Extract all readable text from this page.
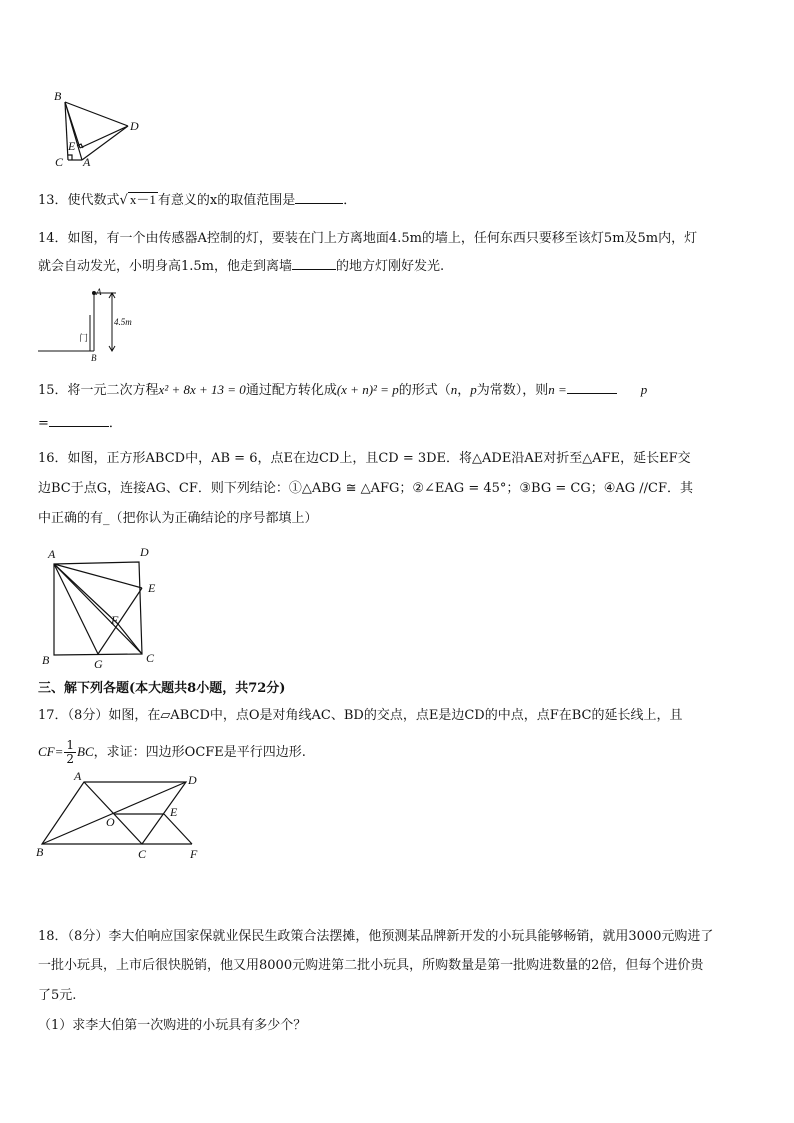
B
D
E
C A
13．使代数式√ x－1 有意义的x的取值范围是	．
14．如图，有一个由传感器A控制的灯，要装在门上方离地面4.5m的墙上，任何东西只要移至该灯5m及5m内，灯
就会自动发光，小明身高1.5m，他走到离墙	的地方灯刚好发光.
A
4.5m
门
B
15．将一元二次方程x² + 8x + 13 = 0通过配方转化成(x + n)² = p的形式（n，p为常数），则n =	p
=	．
16．如图，正方形ABCD中，AB = 6，点E在边CD上，且CD = 3DE．将△ADE沿AE对折至△AFE，延长EF交
边BC于点G，连接AG、CF．则下列结论：①△ABG ≅ △AFG；②∠EAG = 45°；③BG = CG；④AG //CF．其
中正确的有_（把你认为正确结论的序号都填上）
A	D
E
F
B	G	C
三、解下列各题(本大题共8小题，共72分)
17．（8分）如图，在▱ABCD中，点O是对角线AC、BD的交点，点E是边CD的中点，点F在BC的延长线上，且
$CF= \frac{1}{2}$ BC，求证：四边形OCFE是平行四边形.
A	D
O
E
B	C	F
18．（8分）李大伯响应国家保就业保民生政策合法摆摊，他预测某品牌新开发的小玩具能够畅销，就用3000元购进了
一批小玩具，上市后很快脱销，他又用8000元购进第二批小玩具，所购数量是第一批购进数量的2倍，但每个进价贵
了5元.
（1）求李大伯第一次购进的小玩具有多少个？
